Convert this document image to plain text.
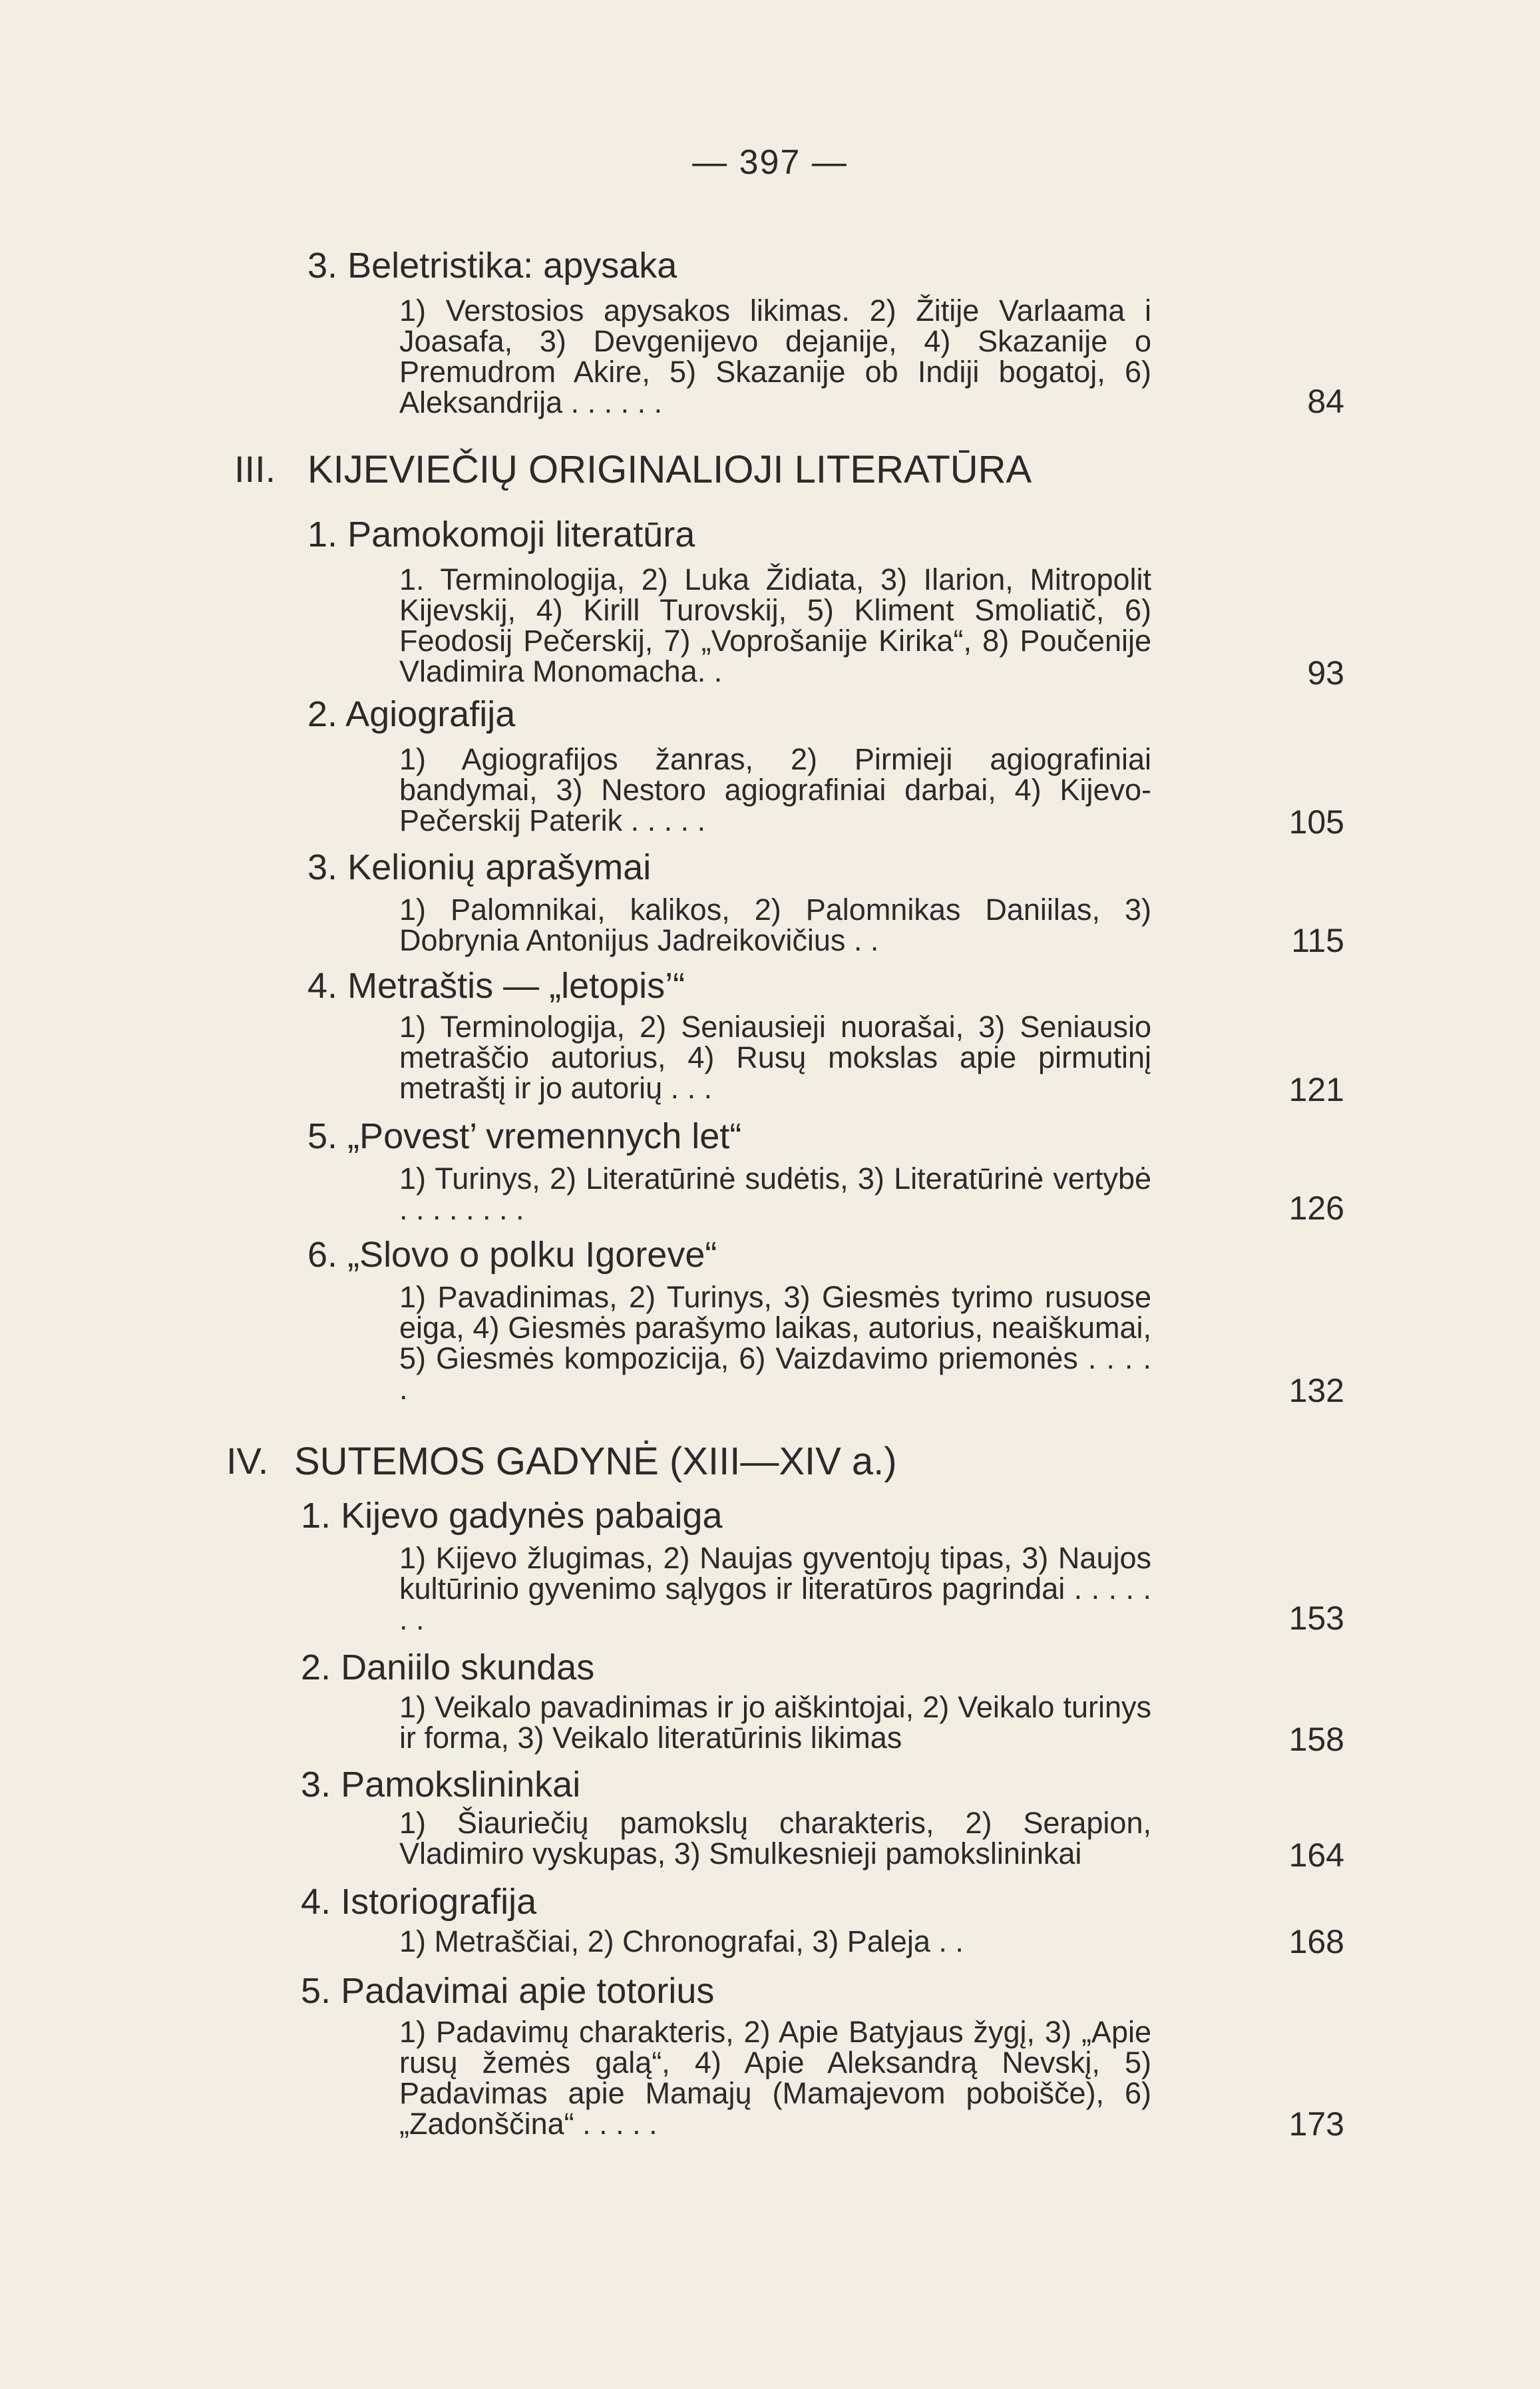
— 397 —
3. Beletristika: apysaka
1) Verstosios apysakos likimas. 2) Žitije Varlaama i Joasafa, 3) Devgenijevo dejanije, 4) Skazanije o Premudrom Akire, 5) Skazanije ob Indiji bogatoj, 6) Aleksandrija . . . . . .	84
III. KIJEVIEČIŲ ORIGINALIOJI LITERATŪRA
1. Pamokomoji literatūra
1. Terminologija, 2) Luka Židiata, 3) Ilarion, Mitropolit Kijevskij, 4) Kirill Turovskij, 5) Kliment Smoliatič, 6) Feodosij Pečerskij, 7) „Voprošanije Kirika“, 8) Poučenije Vladimira Monomacha. .	93
2. Agiografija
1) Agiografijos žanras, 2) Pirmieji agiografiniai bandymai, 3) Nestoro agiografiniai darbai, 4) Kijevo-Pečerskij Paterik . . . . .	105
3. Kelionių aprašymai
1) Palomnikai, kalikos, 2) Palomnikas Daniilas, 3) Dobrynia Antonijus Jadreikovičius . .	115
4. Metraštis — „letopis’“
1) Terminologija, 2) Seniausieji nuorašai, 3) Seniausio metraščio autorius, 4) Rusų mokslas apie pirmutinį metraštį ir jo autorių . . .	121
5. „Povest’ vremennych let“
1) Turinys, 2) Literatūrinė sudėtis, 3) Literatūrinė vertybė . . . . . . . .	126
6. „Slovo o polku Igoreve“
1) Pavadinimas, 2) Turinys, 3) Giesmės tyrimo rusuose eiga, 4) Giesmės parašymo laikas, autorius, neaiškumai, 5) Giesmės kompozicija, 6) Vaizdavimo priemonės . . . . .	132
IV. SUTEMOS GADYNĖ (XIII—XIV a.)
1. Kijevo gadynės pabaiga
1) Kijevo žlugimas, 2) Naujas gyventojų tipas, 3) Naujos kultūrinio gyvenimo sąlygos ir literatūros pagrindai . . . . . . .	153
2. Daniilo skundas
1) Veikalo pavadinimas ir jo aiškintojai, 2) Veikalo turinys ir forma, 3) Veikalo literatūrinis likimas	158
3. Pamokslininkai
1) Šiauriečių pamokslų charakteris, 2) Serapion, Vladimiro vyskupas, 3) Smulkesnieji pamokslininkai	164
4. Istoriografija
1) Metraščiai, 2) Chronografai, 3) Paleja . .	168
5. Padavimai apie totorius
1) Padavimų charakteris, 2) Apie Batyjaus žygį, 3) „Apie rusų žemės galą“, 4) Apie Aleksandrą Nevskį, 5) Padavimas apie Mamajų (Mamajevom poboišče), 6) „Zadonščina“ . . . . .	173
